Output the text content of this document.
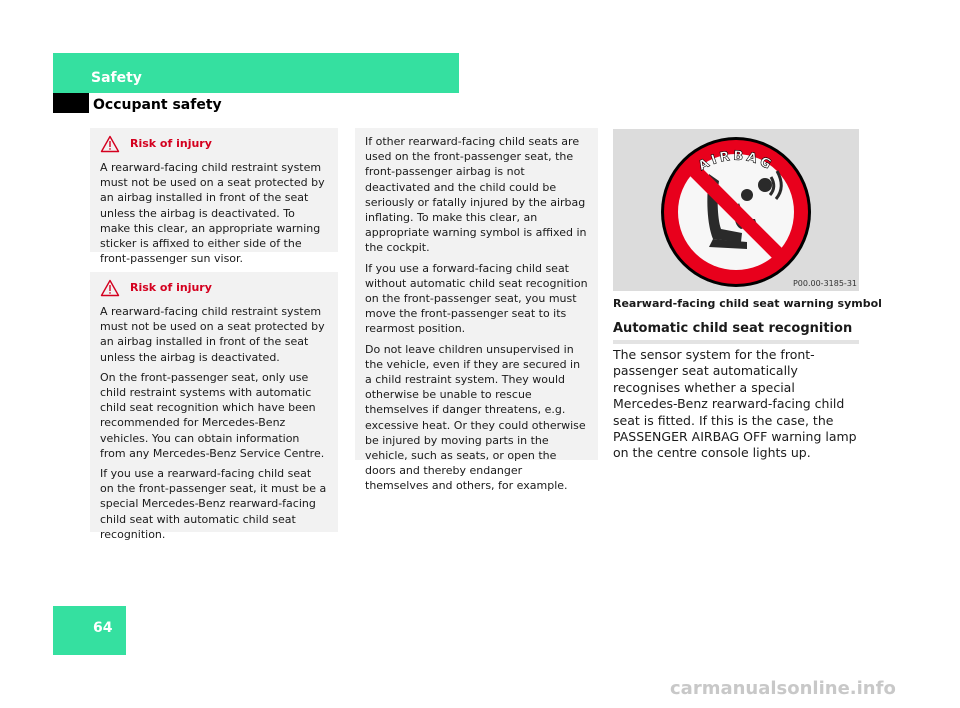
Safety
Occupant safety
Risk of injury

A rearward-facing child restraint system must not be used on a seat protected by an airbag installed in front of the seat unless the airbag is deactivated. To make this clear, an appropriate warning sticker is affixed to either side of the front-passenger sun visor.

Risk of injury

A rearward-facing child restraint system must not be used on a seat protected by an airbag installed in front of the seat unless the airbag is deactivated.

On the front-passenger seat, only use child restraint systems with automatic child seat recognition which have been recommended for Mercedes-Benz vehicles. You can obtain information from any Mercedes-Benz Service Centre.

If you use a rearward-facing child seat on the front-passenger seat, it must be a special Mercedes-Benz rearward-facing child seat with automatic child seat recognition.

If other rearward-facing child seats are used on the front-passenger seat, the front-passenger airbag is not deactivated and the child could be seriously or fatally injured by the airbag inflating. To make this clear, an appropriate warning symbol is affixed in the cockpit.

If you use a forward-facing child seat without automatic child seat recognition on the front-passenger seat, you must move the front-passenger seat to its rearmost position.

Do not leave children unsupervised in the vehicle, even if they are secured in a child restraint system. They would otherwise be unable to rescue themselves if danger threatens, e.g. excessive heat. Or they could otherwise be injured by moving parts in the vehicle, such as seats, or open the doors and thereby endanger themselves and others, for example.

AIRBAG
P00.00-3185-31
Rearward-facing child seat warning symbol
Automatic child seat recognition

The sensor system for the front-passenger seat automatically recognises whether a special Mercedes-Benz rearward-facing child seat is fitted. If this is the case, the PASSENGER AIRBAG OFF warning lamp on the centre console lights up.

64
carmanualsonline.info
